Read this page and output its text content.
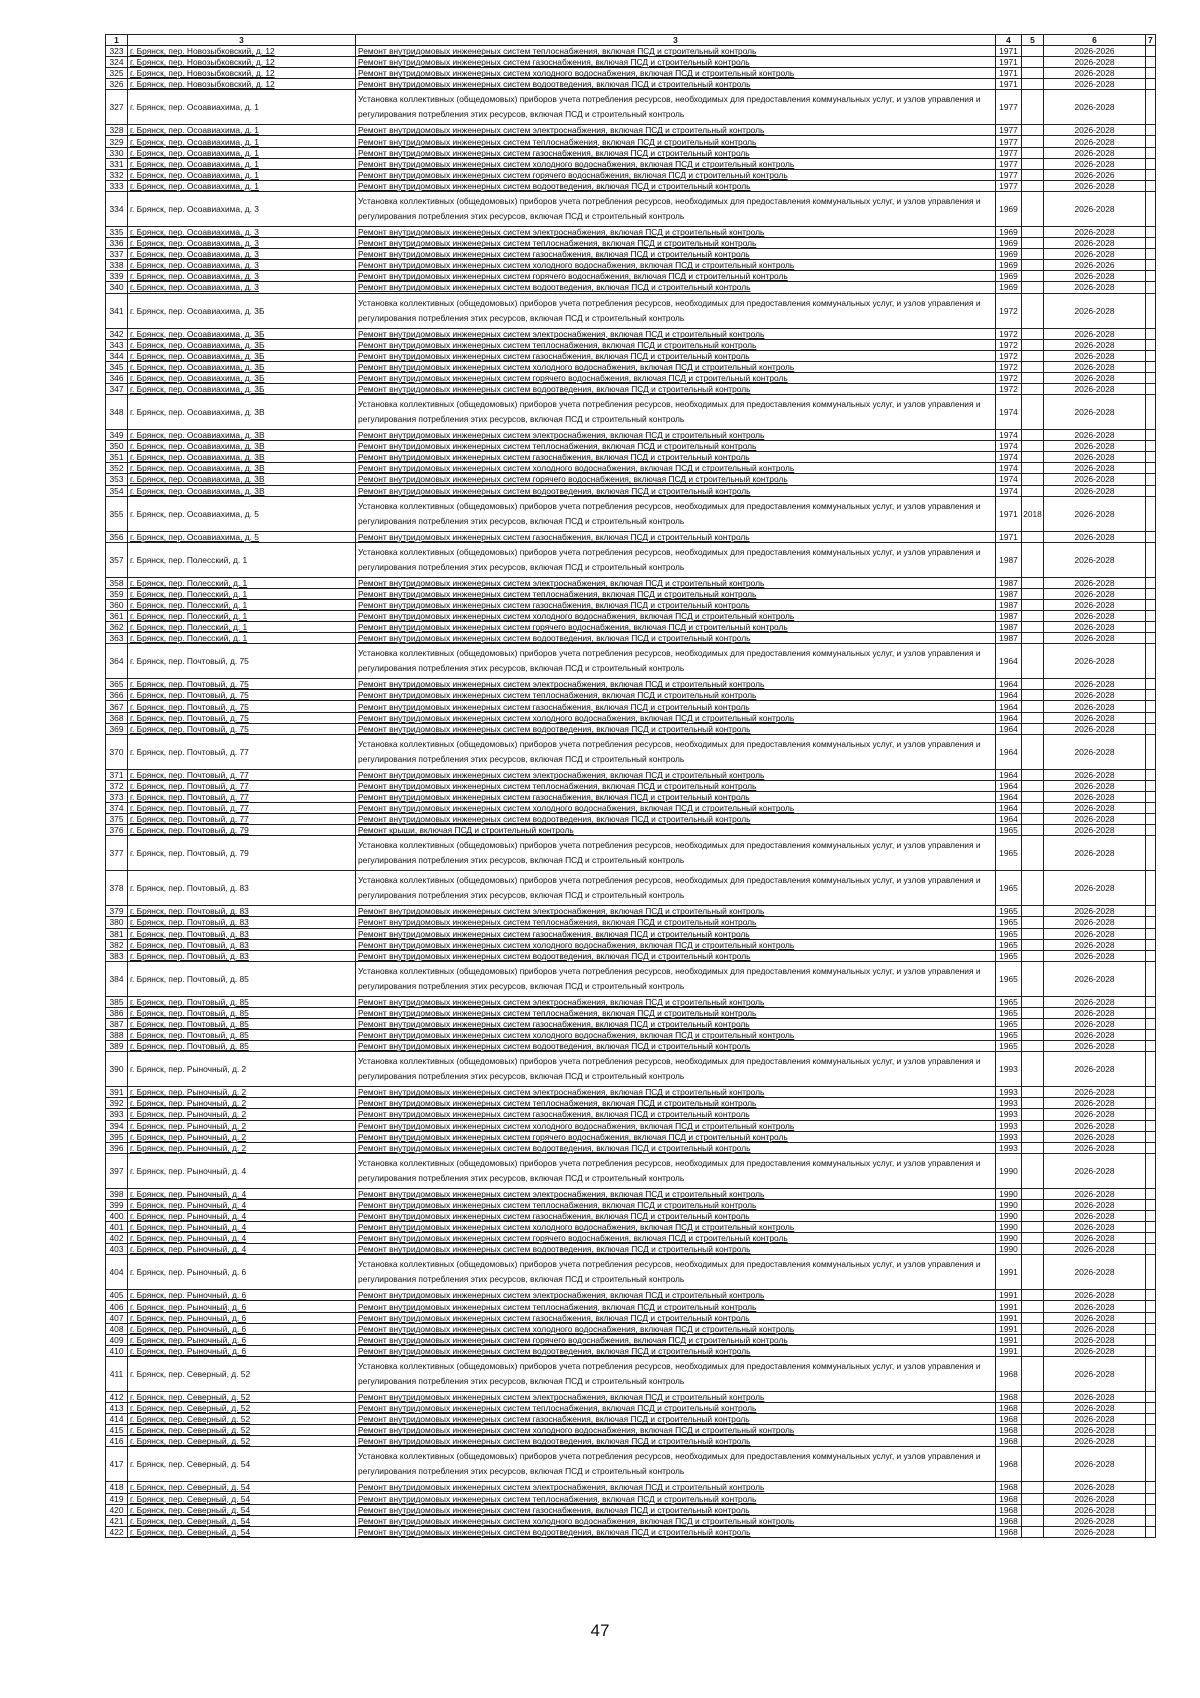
1	3	3	4	5	6	7
323	г. Брянск, пер. Новозыбковский, д. 12	Ремонт внутридомовых инженерных систем теплоснабжения, включая ПСД и строительный контроль	1971		2026-2026	
324	г. Брянск, пер. Новозыбковский, д. 12	Ремонт внутридомовых инженерных систем газоснабжения, включая ПСД и строительный контроль	1971		2026-2028	
325	г. Брянск, пер. Новозыбковский, д. 12	Ремонт внутридомовых инженерных систем холодного водоснабжения, включая ПСД и строительный контроль	1971		2026-2028	
326	г. Брянск, пер. Новозыбковский, д. 12	Ремонт внутридомовых инженерных систем водоотведения, включая ПСД и строительный контроль	1971		2026-2028	
327	г. Брянск, пер. Осоавиахима, д. 1	Установка коллективных (общедомовых) приборов учета потребления ресурсов, необходимых для предоставления коммунальных услуг, и узлов управления и регулирования потребления этих ресурсов, включая ПСД и строительный контроль	1977		2026-2028	
328	г. Брянск, пер. Осоавиахима, д. 1	Ремонт внутридомовых инженерных систем электроснабжения, включая ПСД и строительный контроль	1977		2026-2028	
329	г. Брянск, пер. Осоавиахима, д. 1	Ремонт внутридомовых инженерных систем теплоснабжения, включая ПСД и строительный контроль	1977		2026-2028	
330	г. Брянск, пер. Осоавиахима, д. 1	Ремонт внутридомовых инженерных систем газоснабжения, включая ПСД и строительный контроль	1977		2026-2028	
331	г. Брянск, пер. Осоавиахима, д. 1	Ремонт внутридомовых инженерных систем холодного водоснабжения, включая ПСД и строительный контроль	1977		2026-2028	
332	г. Брянск, пер. Осоавиахима, д. 1	Ремонт внутридомовых инженерных систем горячего водоснабжения, включая ПСД и строительный контроль	1977		2026-2026	
333	г. Брянск, пер. Осоавиахима, д. 1	Ремонт внутридомовых инженерных систем водоотведения, включая ПСД и строительный контроль	1977		2026-2028	
334	г. Брянск, пер. Осоавиахима, д. 3	Установка коллективных (общедомовых) приборов учета потребления ресурсов, необходимых для предоставления коммунальных услуг, и узлов управления и регулирования потребления этих ресурсов, включая ПСД и строительный контроль	1969		2026-2028	
335	г. Брянск, пер. Осоавиахима, д. 3	Ремонт внутридомовых инженерных систем электроснабжения, включая ПСД и строительный контроль	1969		2026-2028	
336	г. Брянск, пер. Осоавиахима, д. 3	Ремонт внутридомовых инженерных систем теплоснабжения, включая ПСД и строительный контроль	1969		2026-2028	
337	г. Брянск, пер. Осоавиахима, д. 3	Ремонт внутридомовых инженерных систем газоснабжения, включая ПСД и строительный контроль	1969		2026-2028	
338	г. Брянск, пер. Осоавиахима, д. 3	Ремонт внутридомовых инженерных систем холодного водоснабжения, включая ПСД и строительный контроль	1969		2026-2026	
339	г. Брянск, пер. Осоавиахима, д. 3	Ремонт внутридомовых инженерных систем горячего водоснабжения, включая ПСД и строительный контроль	1969		2026-2028	
340	г. Брянск, пер. Осоавиахима, д. 3	Ремонт внутридомовых инженерных систем водоотведения, включая ПСД и строительный контроль	1969		2026-2028	
341	г. Брянск, пер. Осоавиахима, д. 3Б	Установка коллективных (общедомовых) приборов учета потребления ресурсов, необходимых для предоставления коммунальных услуг, и узлов управления и регулирования потребления этих ресурсов, включая ПСД и строительный контроль	1972		2026-2028	
342	г. Брянск, пер. Осоавиахима, д. 3Б	Ремонт внутридомовых инженерных систем электроснабжения, включая ПСД и строительный контроль	1972		2026-2028	
343	г. Брянск, пер. Осоавиахима, д. 3Б	Ремонт внутридомовых инженерных систем теплоснабжения, включая ПСД и строительный контроль	1972		2026-2028	
344	г. Брянск, пер. Осоавиахима, д. 3Б	Ремонт внутридомовых инженерных систем газоснабжения, включая ПСД и строительный контроль	1972		2026-2028	
345	г. Брянск, пер. Осоавиахима, д. 3Б	Ремонт внутридомовых инженерных систем холодного водоснабжения, включая ПСД и строительный контроль	1972		2026-2028	
346	г. Брянск, пер. Осоавиахима, д. 3Б	Ремонт внутридомовых инженерных систем горячего водоснабжения, включая ПСД и строительный контроль	1972		2026-2028	
347	г. Брянск, пер. Осоавиахима, д. 3Б	Ремонт внутридомовых инженерных систем водоотведения, включая ПСД и строительный контроль	1972		2026-2028	
348	г. Брянск, пер. Осоавиахима, д. 3В	Установка коллективных (общедомовых) приборов учета потребления ресурсов, необходимых для предоставления коммунальных услуг, и узлов управления и регулирования потребления этих ресурсов, включая ПСД и строительный контроль	1974		2026-2028	
349	г. Брянск, пер. Осоавиахима, д. 3В	Ремонт внутридомовых инженерных систем электроснабжения, включая ПСД и строительный контроль	1974		2026-2028	
350	г. Брянск, пер. Осоавиахима, д. 3В	Ремонт внутридомовых инженерных систем теплоснабжения, включая ПСД и строительный контроль	1974		2026-2028	
351	г. Брянск, пер. Осоавиахима, д. 3В	Ремонт внутридомовых инженерных систем газоснабжения, включая ПСД и строительный контроль	1974		2026-2028	
352	г. Брянск, пер. Осоавиахима, д. 3В	Ремонт внутридомовых инженерных систем холодного водоснабжения, включая ПСД и строительный контроль	1974		2026-2028	
353	г. Брянск, пер. Осоавиахима, д. 3В	Ремонт внутридомовых инженерных систем горячего водоснабжения, включая ПСД и строительный контроль	1974		2026-2028	
354	г. Брянск, пер. Осоавиахима, д. 3В	Ремонт внутридомовых инженерных систем водоотведения, включая ПСД и строительный контроль	1974		2026-2028	
355	г. Брянск, пер. Осоавиахима, д. 5	Установка коллективных (общедомовых) приборов учета потребления ресурсов, необходимых для предоставления коммунальных услуг, и узлов управления и регулирования потребления этих ресурсов, включая ПСД и строительный контроль	1971	2018	2026-2028	
356	г. Брянск, пер. Осоавиахима, д. 5	Ремонт внутридомовых инженерных систем газоснабжения, включая ПСД и строительный контроль	1971		2026-2028	
357	г. Брянск, пер. Полесский, д. 1	Установка коллективных (общедомовых) приборов учета потребления ресурсов, необходимых для предоставления коммунальных услуг, и узлов управления и регулирования потребления этих ресурсов, включая ПСД и строительный контроль	1987		2026-2028	
358	г. Брянск, пер. Полесский, д. 1	Ремонт внутридомовых инженерных систем электроснабжения, включая ПСД и строительный контроль	1987		2026-2028	
359	г. Брянск, пер. Полесский, д. 1	Ремонт внутридомовых инженерных систем теплоснабжения, включая ПСД и строительный контроль	1987		2026-2028	
360	г. Брянск, пер. Полесский, д. 1	Ремонт внутридомовых инженерных систем газоснабжения, включая ПСД и строительный контроль	1987		2026-2028	
361	г. Брянск, пер. Полесский, д. 1	Ремонт внутридомовых инженерных систем холодного водоснабжения, включая ПСД и строительный контроль	1987		2026-2028	
362	г. Брянск, пер. Полесский, д. 1	Ремонт внутридомовых инженерных систем горячего водоснабжения, включая ПСД и строительный контроль	1987		2026-2028	
363	г. Брянск, пер. Полесский, д. 1	Ремонт внутридомовых инженерных систем водоотведения, включая ПСД и строительный контроль	1987		2026-2028	
364	г. Брянск, пер. Почтовый, д. 75	Установка коллективных (общедомовых) приборов учета потребления ресурсов, необходимых для предоставления коммунальных услуг, и узлов управления и регулирования потребления этих ресурсов, включая ПСД и строительный контроль	1964		2026-2028	
365	г. Брянск, пер. Почтовый, д. 75	Ремонт внутридомовых инженерных систем электроснабжения, включая ПСД и строительный контроль	1964		2026-2028	
366	г. Брянск, пер. Почтовый, д. 75	Ремонт внутридомовых инженерных систем теплоснабжения, включая ПСД и строительный контроль	1964		2026-2028	
367	г. Брянск, пер. Почтовый, д. 75	Ремонт внутридомовых инженерных систем газоснабжения, включая ПСД и строительный контроль	1964		2026-2028	
368	г. Брянск, пер. Почтовый, д. 75	Ремонт внутридомовых инженерных систем холодного водоснабжения, включая ПСД и строительный контроль	1964		2026-2028	
369	г. Брянск, пер. Почтовый, д. 75	Ремонт внутридомовых инженерных систем водоотведения, включая ПСД и строительный контроль	1964		2026-2028	
370	г. Брянск, пер. Почтовый, д. 77	Установка коллективных (общедомовых) приборов учета потребления ресурсов, необходимых для предоставления коммунальных услуг, и узлов управления и регулирования потребления этих ресурсов, включая ПСД и строительный контроль	1964		2026-2028	
371	г. Брянск, пер. Почтовый, д. 77	Ремонт внутридомовых инженерных систем электроснабжения, включая ПСД и строительный контроль	1964		2026-2028	
372	г. Брянск, пер. Почтовый, д. 77	Ремонт внутридомовых инженерных систем теплоснабжения, включая ПСД и строительный контроль	1964		2026-2028	
373	г. Брянск, пер. Почтовый, д. 77	Ремонт внутридомовых инженерных систем газоснабжения, включая ПСД и строительный контроль	1964		2026-2028	
374	г. Брянск, пер. Почтовый, д. 77	Ремонт внутридомовых инженерных систем холодного водоснабжения, включая ПСД и строительный контроль	1964		2026-2028	
375	г. Брянск, пер. Почтовый, д. 77	Ремонт внутридомовых инженерных систем водоотведения, включая ПСД и строительный контроль	1964		2026-2028	
376	г. Брянск, пер. Почтовый, д. 79	Ремонт крыши, включая ПСД и строительный контроль	1965		2026-2028	
377	г. Брянск, пер. Почтовый, д. 79	Установка коллективных (общедомовых) приборов учета потребления ресурсов, необходимых для предоставления коммунальных услуг, и узлов управления и регулирования потребления этих ресурсов, включая ПСД и строительный контроль	1965		2026-2028	
378	г. Брянск, пер. Почтовый, д. 83	Установка коллективных (общедомовых) приборов учета потребления ресурсов, необходимых для предоставления коммунальных услуг, и узлов управления и регулирования потребления этих ресурсов, включая ПСД и строительный контроль	1965		2026-2028	
379	г. Брянск, пер. Почтовый, д. 83	Ремонт внутридомовых инженерных систем электроснабжения, включая ПСД и строительный контроль	1965		2026-2028	
380	г. Брянск, пер. Почтовый, д. 83	Ремонт внутридомовых инженерных систем теплоснабжения, включая ПСД и строительный контроль	1965		2026-2028	
381	г. Брянск, пер. Почтовый, д. 83	Ремонт внутридомовых инженерных систем газоснабжения, включая ПСД и строительный контроль	1965		2026-2028	
382	г. Брянск, пер. Почтовый, д. 83	Ремонт внутридомовых инженерных систем холодного водоснабжения, включая ПСД и строительный контроль	1965		2026-2028	
383	г. Брянск, пер. Почтовый, д. 83	Ремонт внутридомовых инженерных систем водоотведения, включая ПСД и строительный контроль	1965		2026-2028	
384	г. Брянск, пер. Почтовый, д. 85	Установка коллективных (общедомовых) приборов учета потребления ресурсов, необходимых для предоставления коммунальных услуг, и узлов управления и регулирования потребления этих ресурсов, включая ПСД и строительный контроль	1965		2026-2028	
385	г. Брянск, пер. Почтовый, д. 85	Ремонт внутридомовых инженерных систем электроснабжения, включая ПСД и строительный контроль	1965		2026-2028	
386	г. Брянск, пер. Почтовый, д. 85	Ремонт внутридомовых инженерных систем теплоснабжения, включая ПСД и строительный контроль	1965		2026-2028	
387	г. Брянск, пер. Почтовый, д. 85	Ремонт внутридомовых инженерных систем газоснабжения, включая ПСД и строительный контроль	1965		2026-2028	
388	г. Брянск, пер. Почтовый, д. 85	Ремонт внутридомовых инженерных систем холодного водоснабжения, включая ПСД и строительный контроль	1965		2026-2028	
389	г. Брянск, пер. Почтовый, д. 85	Ремонт внутридомовых инженерных систем водоотведения, включая ПСД и строительный контроль	1965		2026-2028	
390	г. Брянск, пер. Рыночный, д. 2	Установка коллективных (общедомовых) приборов учета потребления ресурсов, необходимых для предоставления коммунальных услуг, и узлов управления и регулирования потребления этих ресурсов, включая ПСД и строительный контроль	1993		2026-2028	
391	г. Брянск, пер. Рыночный, д. 2	Ремонт внутридомовых инженерных систем электроснабжения, включая ПСД и строительный контроль	1993		2026-2028	
392	г. Брянск, пер. Рыночный, д. 2	Ремонт внутридомовых инженерных систем теплоснабжения, включая ПСД и строительный контроль	1993		2026-2028	
393	г. Брянск, пер. Рыночный, д. 2	Ремонт внутридомовых инженерных систем газоснабжения, включая ПСД и строительный контроль	1993		2026-2028	
394	г. Брянск, пер. Рыночный, д. 2	Ремонт внутридомовых инженерных систем холодного водоснабжения, включая ПСД и строительный контроль	1993		2026-2028	
395	г. Брянск, пер. Рыночный, д. 2	Ремонт внутридомовых инженерных систем горячего водоснабжения, включая ПСД и строительный контроль	1993		2026-2028	
396	г. Брянск, пер. Рыночный, д. 2	Ремонт внутридомовых инженерных систем водоотведения, включая ПСД и строительный контроль	1993		2026-2028	
397	г. Брянск, пер. Рыночный, д. 4	Установка коллективных (общедомовых) приборов учета потребления ресурсов, необходимых для предоставления коммунальных услуг, и узлов управления и регулирования потребления этих ресурсов, включая ПСД и строительный контроль	1990		2026-2028	
398	г. Брянск, пер. Рыночный, д. 4	Ремонт внутридомовых инженерных систем электроснабжения, включая ПСД и строительный контроль	1990		2026-2028	
399	г. Брянск, пер. Рыночный, д. 4	Ремонт внутридомовых инженерных систем теплоснабжения, включая ПСД и строительный контроль	1990		2026-2028	
400	г. Брянск, пер. Рыночный, д. 4	Ремонт внутридомовых инженерных систем газоснабжения, включая ПСД и строительный контроль	1990		2026-2028	
401	г. Брянск, пер. Рыночный, д. 4	Ремонт внутридомовых инженерных систем холодного водоснабжения, включая ПСД и строительный контроль	1990		2026-2028	
402	г. Брянск, пер. Рыночный, д. 4	Ремонт внутридомовых инженерных систем горячего водоснабжения, включая ПСД и строительный контроль	1990		2026-2028	
403	г. Брянск, пер. Рыночный, д. 4	Ремонт внутридомовых инженерных систем водоотведения, включая ПСД и строительный контроль	1990		2026-2028	
404	г. Брянск, пер. Рыночный, д. 6	Установка коллективных (общедомовых) приборов учета потребления ресурсов, необходимых для предоставления коммунальных услуг, и узлов управления и регулирования потребления этих ресурсов, включая ПСД и строительный контроль	1991		2026-2028	
405	г. Брянск, пер. Рыночный, д. 6	Ремонт внутридомовых инженерных систем электроснабжения, включая ПСД и строительный контроль	1991		2026-2028	
406	г. Брянск, пер. Рыночный, д. 6	Ремонт внутридомовых инженерных систем теплоснабжения, включая ПСД и строительный контроль	1991		2026-2028	
407	г. Брянск, пер. Рыночный, д. 6	Ремонт внутридомовых инженерных систем газоснабжения, включая ПСД и строительный контроль	1991		2026-2028	
408	г. Брянск, пер. Рыночный, д. 6	Ремонт внутридомовых инженерных систем холодного водоснабжения, включая ПСД и строительный контроль	1991		2026-2028	
409	г. Брянск, пер. Рыночный, д. 6	Ремонт внутридомовых инженерных систем горячего водоснабжения, включая ПСД и строительный контроль	1991		2026-2028	
410	г. Брянск, пер. Рыночный, д. 6	Ремонт внутридомовых инженерных систем водоотведения, включая ПСД и строительный контроль	1991		2026-2028	
411	г. Брянск, пер. Северный, д. 52	Установка коллективных (общедомовых) приборов учета потребления ресурсов, необходимых для предоставления коммунальных услуг, и узлов управления и регулирования потребления этих ресурсов, включая ПСД и строительный контроль	1968		2026-2028	
412	г. Брянск, пер. Северный, д. 52	Ремонт внутридомовых инженерных систем электроснабжения, включая ПСД и строительный контроль	1968		2026-2028	
413	г. Брянск, пер. Северный, д. 52	Ремонт внутридомовых инженерных систем теплоснабжения, включая ПСД и строительный контроль	1968		2026-2028	
414	г. Брянск, пер. Северный, д. 52	Ремонт внутридомовых инженерных систем газоснабжения, включая ПСД и строительный контроль	1968		2026-2028	
415	г. Брянск, пер. Северный, д. 52	Ремонт внутридомовых инженерных систем холодного водоснабжения, включая ПСД и строительный контроль	1968		2026-2028	
416	г. Брянск, пер. Северный, д. 52	Ремонт внутридомовых инженерных систем водоотведения, включая ПСД и строительный контроль	1968		2026-2028	
417	г. Брянск, пер. Северный, д. 54	Установка коллективных (общедомовых) приборов учета потребления ресурсов, необходимых для предоставления коммунальных услуг, и узлов управления и регулирования потребления этих ресурсов, включая ПСД и строительный контроль	1968		2026-2028	
418	г. Брянск, пер. Северный, д. 54	Ремонт внутридомовых инженерных систем электроснабжения, включая ПСД и строительный контроль	1968		2026-2028	
419	г. Брянск, пер. Северный, д. 54	Ремонт внутридомовых инженерных систем теплоснабжения, включая ПСД и строительный контроль	1968		2026-2028	
420	г. Брянск, пер. Северный, д. 54	Ремонт внутридомовых инженерных систем газоснабжения, включая ПСД и строительный контроль	1968		2026-2028	
421	г. Брянск, пер. Северный, д. 54	Ремонт внутридомовых инженерных систем холодного водоснабжения, включая ПСД и строительный контроль	1968		2026-2028	
422	г. Брянск, пер. Северный, д. 54	Ремонт внутридомовых инженерных систем водоотведения, включая ПСД и строительный контроль	1968		2026-2028	
47
